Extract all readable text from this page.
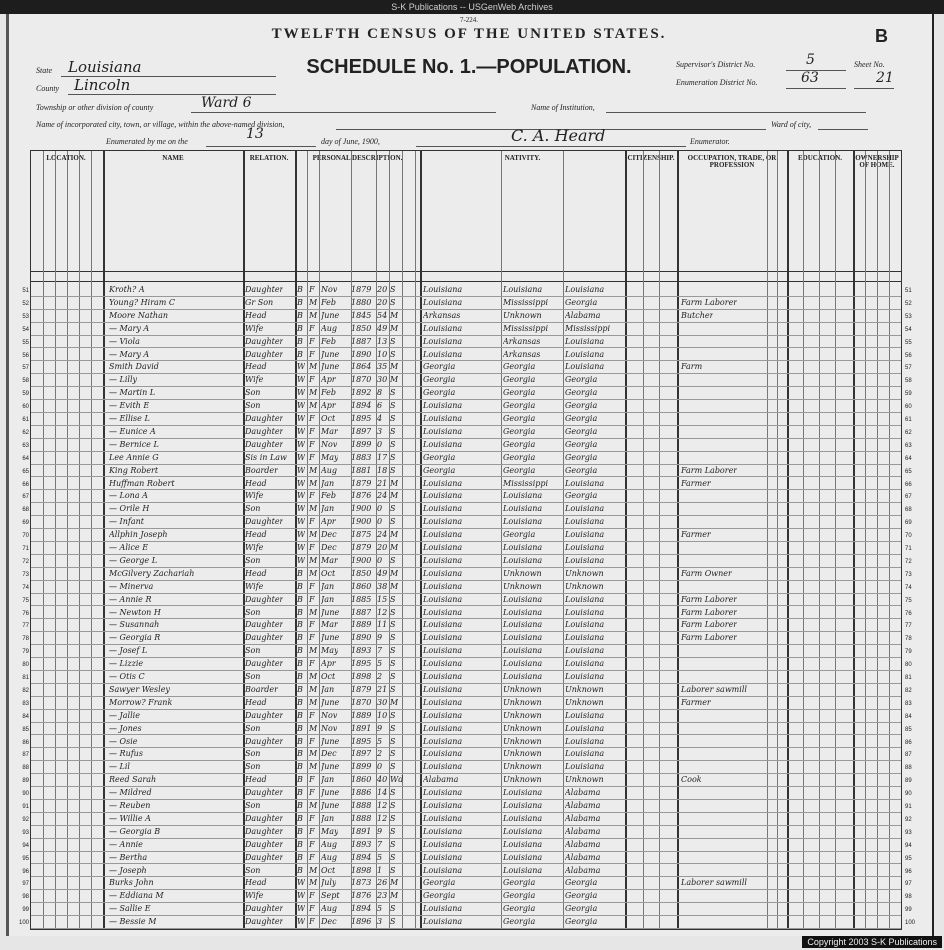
S-K Publications -- USGenWeb Archives
7-224.
TWELFTH CENSUS OF THE UNITED STATES.	B
SCHEDULE No. 1.—POPULATION.
State Louisiana
County Lincoln
Township or other division of county	Ward 6	Name of Institution,
Name of incorporated city, town, or village, within the above-named division,	Ward of city,
Enumerated by me on the	13	day of June, 1900,	C. A. Heard	Enumerator.
Supervisor's District No.	5
Enumeration District No.	63
Sheet No.
21
LOCATION.	NAME	RELATION.	PERSONAL DESCRIPTION.	NATIVITY.	CITIZENSHIP.	OCCUPATION, TRADE, OR PROFESSION
EDUCATION.	OWNERSHIP OF HOME.
51	Kroth? A	Daughter B F Nov 1879 20 S	Louisiana	Louisiana	Louisiana	51
52	Young? Hiram C	Gr Son	B M Feb 1880 20 S	Louisiana	Mississippi Georgia	Farm Laborer	52
53	Moore Nathan	Head	B M June 1845 54 M	Arkansas	Unknown	Alabama	Butcher	53
54	— Mary A	Wife	B F Aug 1850 49 M	Louisiana	Mississippi Mississippi	54
55	— Viola	Daughter B F Feb 1887 13 S	Louisiana	Arkansas	Louisiana	55
56	— Mary A	Daughter B F June 1890 10 S	Louisiana	Arkansas	Louisiana	56
57	Smith David	Head	W M June 1864 35 M	Georgia	Georgia	Louisiana	Farm	57
58	— Lilly	Wife	W F Apr 1870 30 M	Georgia	Georgia	Georgia	58
59	— Martin L	Son	W M Feb 1892 8 S	Georgia	Georgia	Georgia	59
60	— Evith E	Son	W M Apr 1894 6 S	Louisiana	Georgia	Georgia	60
61	— Ellise L	Daughter W F Oct 1895 4 S	Louisiana	Georgia	Georgia	61
62	— Eunice A	Daughter W F Mar 1897 3 S	Louisiana	Georgia	Georgia	62
63	— Bernice L	Daughter W F Nov 1899 0 S	Louisiana	Georgia	Georgia	63
64	Lee Annie G	Sis in Law W F May 1883 17 S	Georgia	Georgia	Georgia	64
65	King Robert	Boarder W M Aug 1881 18 S	Georgia	Georgia	Georgia	Farm Laborer	65
66	Huffman Robert	Head	W M Jan 1879 21 M	Louisiana	Mississippi Louisiana	Farmer	66
67	— Lona A	Wife	W F Feb 1876 24 M	Louisiana	Louisiana	Georgia	67
68	— Orile H	Son	W M Jan 1900 0 S	Louisiana	Louisiana	Louisiana	68
69	— Infant	Daughter W F Apr 1900 0 S	Louisiana	Louisiana	Louisiana	69
70	Allphin Joseph	Head	W M Dec 1875 24 M	Louisiana	Georgia	Louisiana	Farmer	70
71	— Alice E	Wife	W F Dec 1879 20 M	Louisiana	Louisiana	Louisiana	71
72	— George L	Son	W M Mar 1900 0 S	Louisiana	Louisiana	Louisiana	72
73	McGilvery Zachariah	Head	B M Oct 1850 49 M	Louisiana	Unknown	Unknown	Farm Owner	73
74	— Minerva	Wife	B F Jan 1860 38 M	Louisiana	Unknown	Unknown	74
75	— Annie R	Daughter B F Jan 1885 15 S	Louisiana	Louisiana	Louisiana	Farm Laborer	75
76	— Newton H	Son	B M June 1887 12 S	Louisiana	Louisiana	Louisiana	Farm Laborer	76
77	— Susannah	Daughter B F Mar 1889 11 S	Louisiana	Louisiana	Louisiana	Farm Laborer	77
78	— Georgia R	Daughter B F June 1890 9 S	Louisiana	Louisiana	Louisiana	Farm Laborer	78
79	— Josef L	Son	B M May 1893 7 S	Louisiana	Louisiana	Louisiana	79
80	— Lizzie	Daughter B F Apr 1895 5 S	Louisiana	Louisiana	Louisiana	80
81	— Otis C	Son	B M Oct 1898 2 S	Louisiana	Louisiana	Louisiana	81
82	Sawyer Wesley	Boarder B M Jan 1879 21 S	Louisiana	Unknown	Unknown	Laborer sawmill	82
83	Morrow? Frank	Head	B M June 1870 30 M	Louisiana	Unknown	Unknown	Farmer	83
84	— Jallie	Daughter B F Nov 1889 10 S	Louisiana	Unknown	Louisiana	84
85	— Jones	Son	B M Nov 1891 9 S	Louisiana	Unknown	Louisiana	85
86	— Osie	Daughter B F June 1895 5 S	Louisiana	Unknown	Louisiana	86
87	— Rufus	Son	B M Dec 1897 2 S	Louisiana	Unknown	Louisiana	87
88	— Lil	Son	B M June 1899 0 S	Louisiana	Unknown	Louisiana	88
89	Reed Sarah	Head	B F Jan 1860 40 Wd Alabama	Unknown	Unknown	Cook	89
90	— Mildred	Daughter B F June 1886 14 S	Louisiana	Louisiana	Alabama	90
91	— Reuben	Son	B M June 1888 12 S	Louisiana	Louisiana	Alabama	91
92	— Willie A	Daughter B F Jan 1888 12 S	Louisiana	Louisiana	Alabama	92
93	— Georgia B	Daughter B F May 1891 9 S	Louisiana	Louisiana	Alabama	93
94	— Annie	Daughter B F Aug 1893 7 S	Louisiana	Louisiana	Alabama	94
95	— Bertha	Daughter B F Aug 1894 5 S	Louisiana	Louisiana	Alabama	95
96	— Joseph	Son	B M Oct 1898 1 S	Louisiana	Louisiana	Alabama	96
97	Burks John	Head	W M July 1873 26 M	Georgia	Georgia	Georgia	Laborer sawmill	97
98	— Eddiana M	Wife	W F Sept 1876 23 M	Georgia	Georgia	Georgia	98
99	— Sallie E	Daughter W F Aug 1894 5 S	Louisiana	Georgia	Georgia	99
100	— Bessie M	Daughter W F Dec 1896 3 S	Louisiana	Georgia	Georgia	100
Copyright 2003 S-K Publications
